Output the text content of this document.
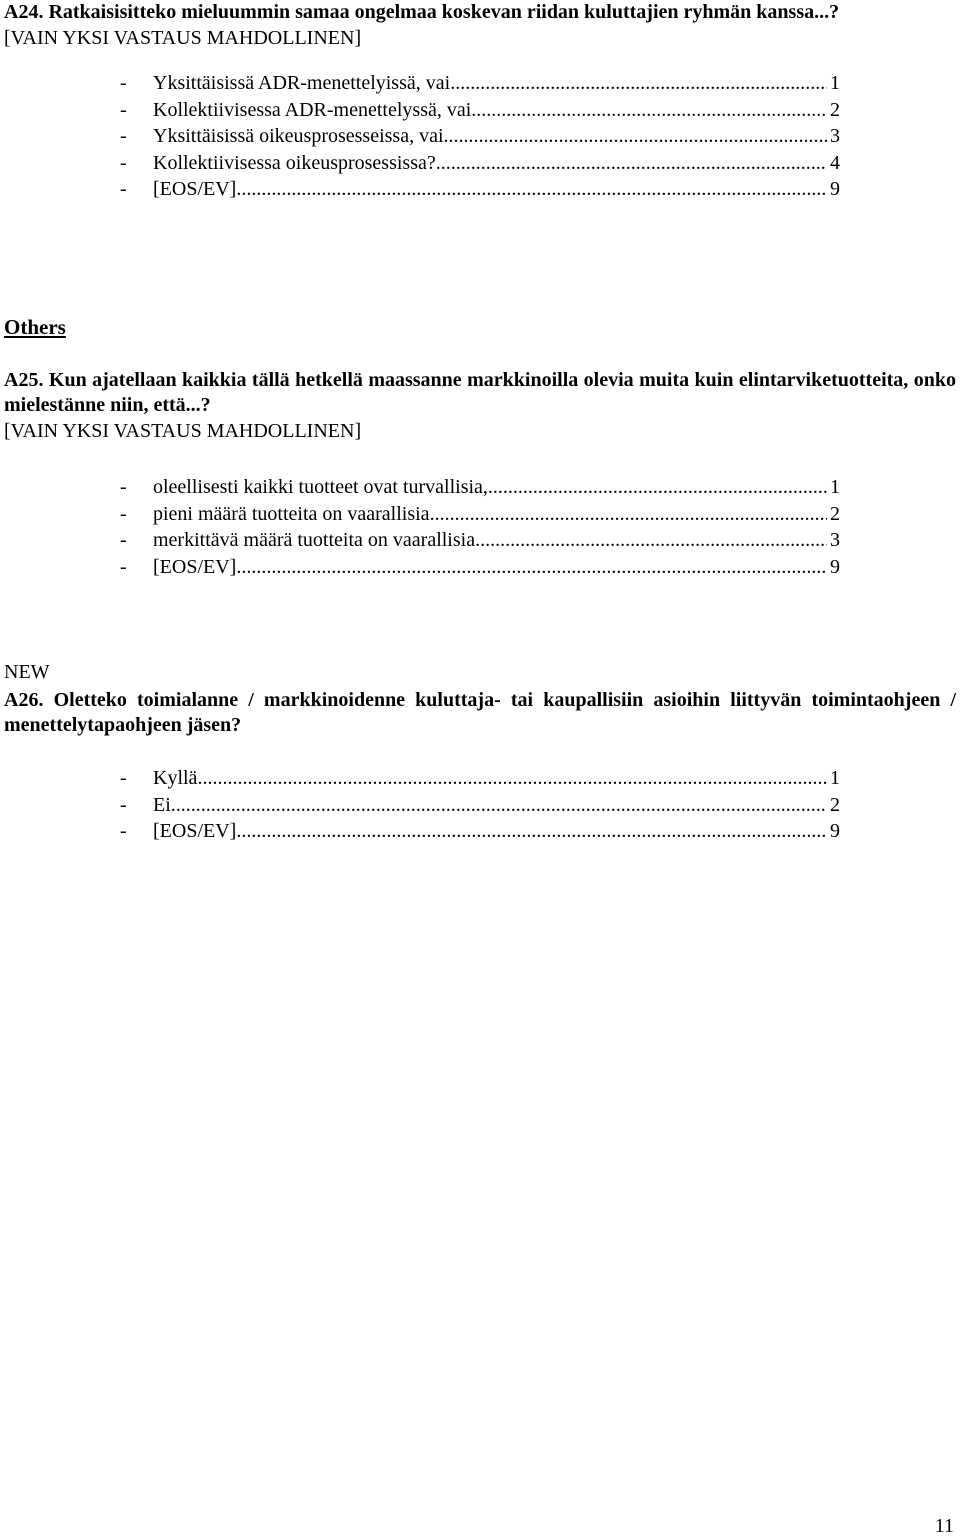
A24. Ratkaisisitteko mieluummin samaa ongelmaa koskevan riidan kuluttajien ryhmän kanssa...?

[VAIN YKSI VASTAUS MAHDOLLINEN]

-	Yksittäisissä ADR-menettelyissä, vai .....	1
-	Kollektiivisessa ADR-menettelyssä, vai .....	2
-	Yksittäisissä oikeusprosesseissa, vai .....	3
-	Kollektiivisessa oikeusprosessissa? .....	4
-	[EOS/EV] .....	9
Others

A25. Kun ajatellaan kaikkia tällä hetkellä maassanne markkinoilla olevia muita kuin elintarviketuotteita, onko mielestänne niin, että...?

[VAIN YKSI VASTAUS MAHDOLLINEN]

-	oleellisesti kaikki tuotteet ovat turvallisia, .....	1
-	pieni määrä tuotteita on vaarallisia .....	2
-	merkittävä määrä tuotteita on vaarallisia .....	3
-	[EOS/EV] .....	9
NEW

A26. Oletteko toimialanne / markkinoidenne kuluttaja- tai kaupallisiin asioihin liittyvän toimintaohjeen / menettelytapaohjeen jäsen?

-	Kyllä .....	1
-	Ei .....	2
-	[EOS/EV] .....	9
11
